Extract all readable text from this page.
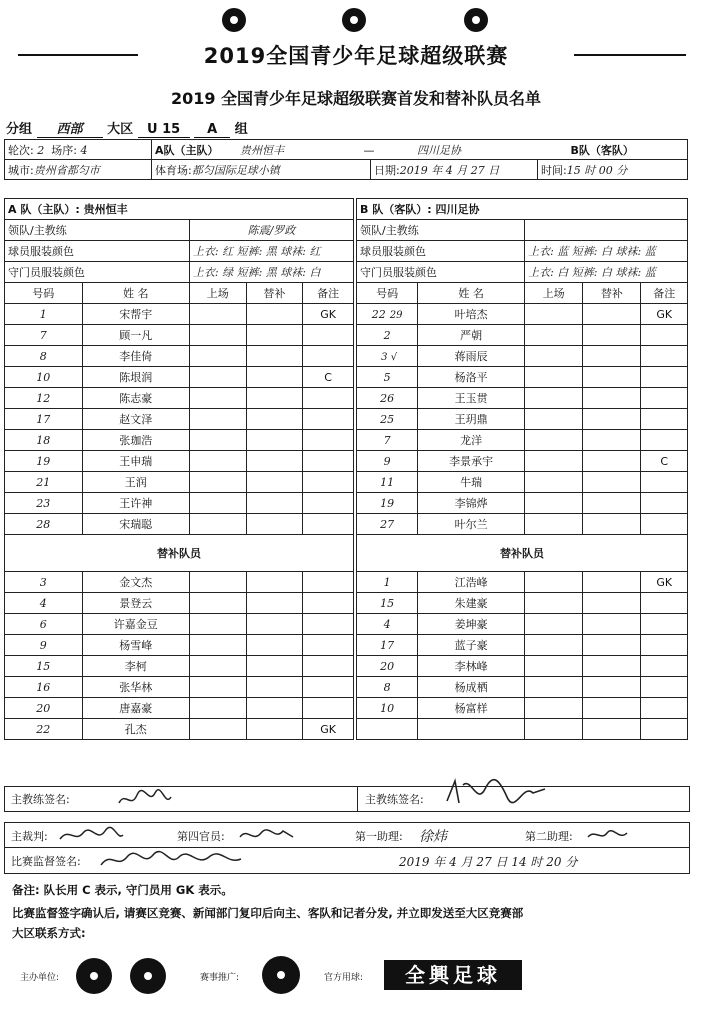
2019全国青少年足球超级联赛
2019 全国青少年足球超级联赛首发和替补队员名单
分组 西部 大区 U 15 A 组
轮次: 2 场序: 4	A队（主队） 贵州恒丰 — 四川足协 B队（客队）		
城市:贵州省都匀市	体育场:都匀国际足球小镇	日期:2019 年 4 月 27 日	时间:15 时 00 分
A 队（主队）: 贵州恒丰				
领队/主教练		陈震/罗政		
球员服装颜色		上衣: 红 短裤: 黑 球袜: 红		
守门员服装颜色		上衣: 绿 短裤: 黑 球袜: 白		
号码	姓 名	上场	替补	备注
1	宋帮宇			GK
7	顾一凡			
8	李佳倚			
10	陈垠润			C
12	陈志豪			
17	赵文泽			
18	张珈浩			
19	王申瑞			
21	王润			
23	王许神			
28	宋瑞聪			
替补队员				
3	金文杰			
4	景登云			
6	许嘉金豆			
9	杨雪峰			
15	李柯			
16	张华林			
20	唐嘉豪			
22	孔杰			GK
B 队（客队）: 四川足协				
领队/主教练				
球员服装颜色		上衣: 蓝 短裤: 白 球袜: 蓝		
守门员服装颜色		上衣: 白 短裤: 白 球袜: 蓝		
号码	姓 名	上场	替补	备注
22 29	叶培杰			GK
2	严朝			
3 √	蒋雨辰			
5	杨洛平			
26	王玉贯			
25	王玥鼎			
7	龙洋			
9	李景承宇			C
11	牛瑞			
19	李锦烨			
27	叶尔兰			
替补队员				
1	江浩峰			GK
15	朱建豪			
4	姜坤豪			
17	蓝子豪			
20	李林峰			
8	杨成栖			
10	杨富样			

主教练签名:	主教练签名:
主裁判:	第四官员:	第一助理: 徐炜	第二助理:
比赛监督签名:	2019 年 4 月 27 日 14 时 20 分
备注: 队长用 C 表示, 守门员用 GK 表示。
比赛监督签字确认后, 请赛区竞赛、新闻部门复印后向主、客队和记者分发, 并立即发送至大区竞赛部
大区联系方式:
主办单位:	赛事推广:	官方用球:	全興足球
